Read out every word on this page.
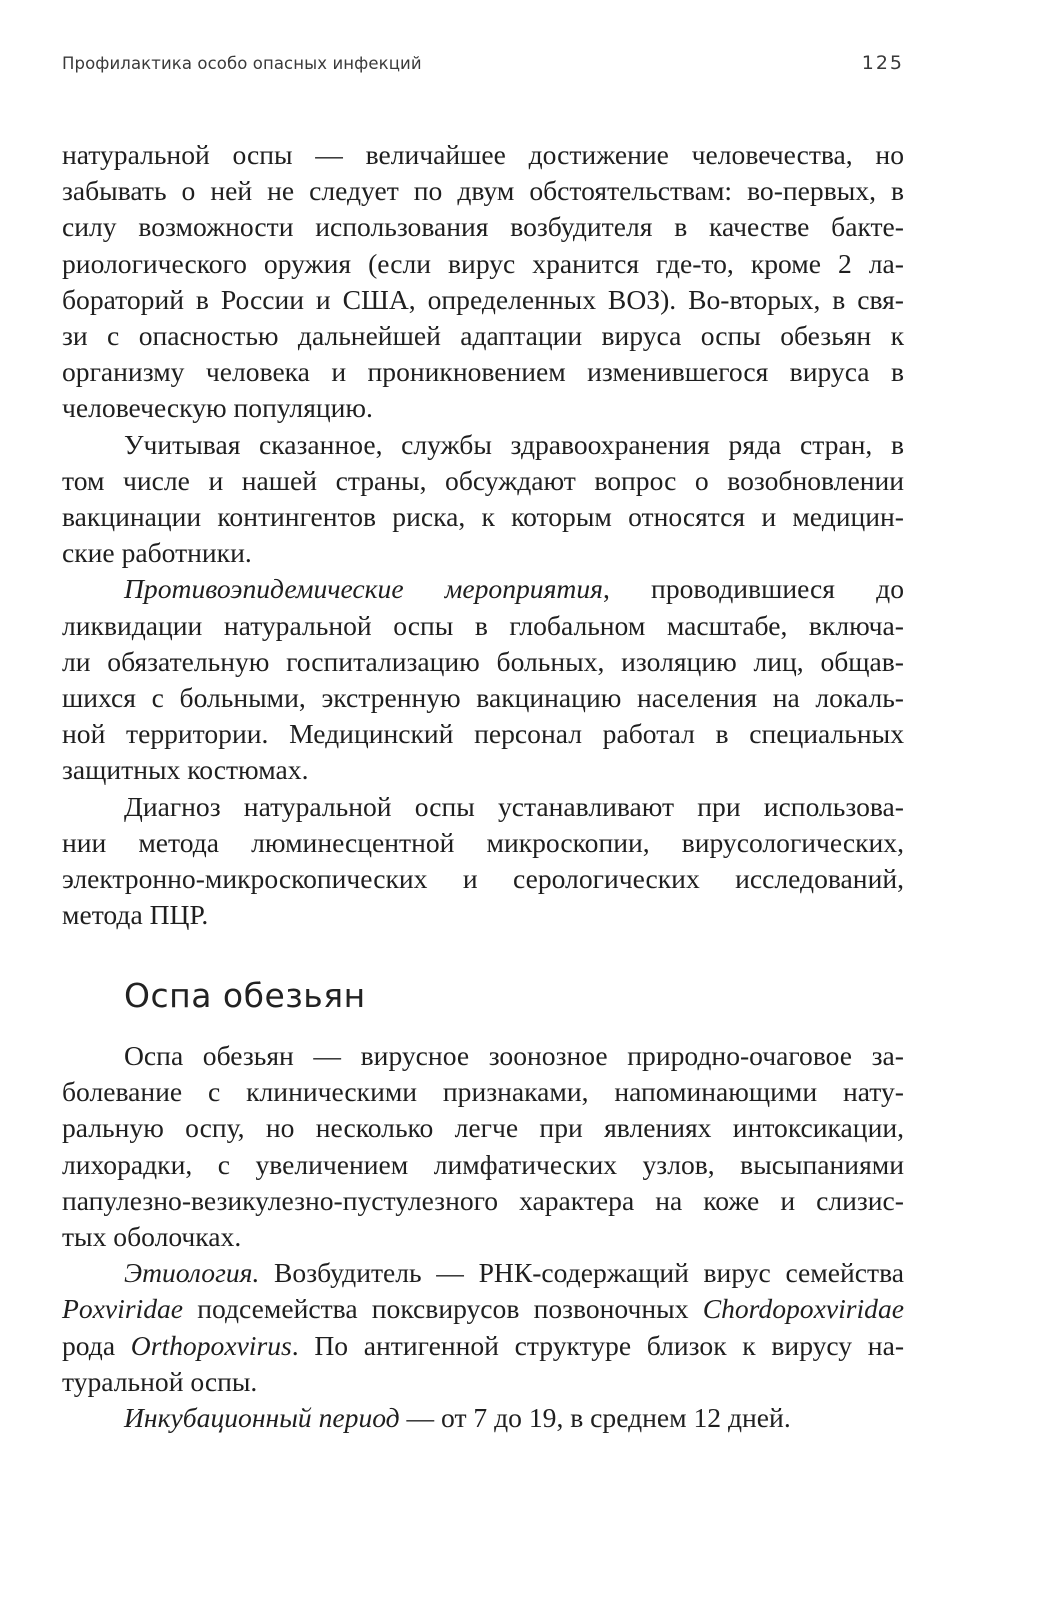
Профилактика особо опасных инфекций	125

натуральной оспы — величайшее достижение человечества, но
забывать о ней не следует по двум обстоятельствам: во-первых, в
силу возможности использования возбудителя в качестве бакте-
риологического оружия (если вирус хранится где-то, кроме 2 ла-
бораторий в России и США, определенных ВОЗ). Во-вторых, в свя-
зи с опасностью дальнейшей адаптации вируса оспы обезьян к
организму человека и проникновением изменившегося вируса в
человеческую популяцию.

Учитывая сказанное, службы здравоохранения ряда стран, в
том числе и нашей страны, обсуждают вопрос о возобновлении
вакцинации контингентов риска, к которым относятся и медицин-
ские работники.

Противоэпидемические мероприятия, проводившиеся до
ликвидации натуральной оспы в глобальном масштабе, включа-
ли обязательную госпитализацию больных, изоляцию лиц, общав-
шихся с больными, экстренную вакцинацию населения на локаль-
ной территории. Медицинский персонал работал в специальных
защитных костюмах.

Диагноз натуральной оспы устанавливают при использова-
нии метода люминесцентной микроскопии, вирусологических,
электронно-микроскопических и серологических исследований,
метода ПЦР.

Оспа обезьян

Оспа обезьян — вирусное зоонозное природно-очаговое за-
болевание с клиническими признаками, напоминающими нату-
ральную оспу, но несколько легче при явлениях интоксикации,
лихорадки, с увеличением лимфатических узлов, высыпаниями
папулезно-везикулезно-пустулезного характера на коже и слизис-
тых оболочках.

Этиология. Возбудитель — РНК-содержащий вирус семейства
Poxviridae подсемейства поксвирусов позвоночных Chordopoxviridae
рода Orthopoxvirus. По антигенной структуре близок к вирусу на-
туральной оспы.

Инкубационный период — от 7 до 19, в среднем 12 дней.
